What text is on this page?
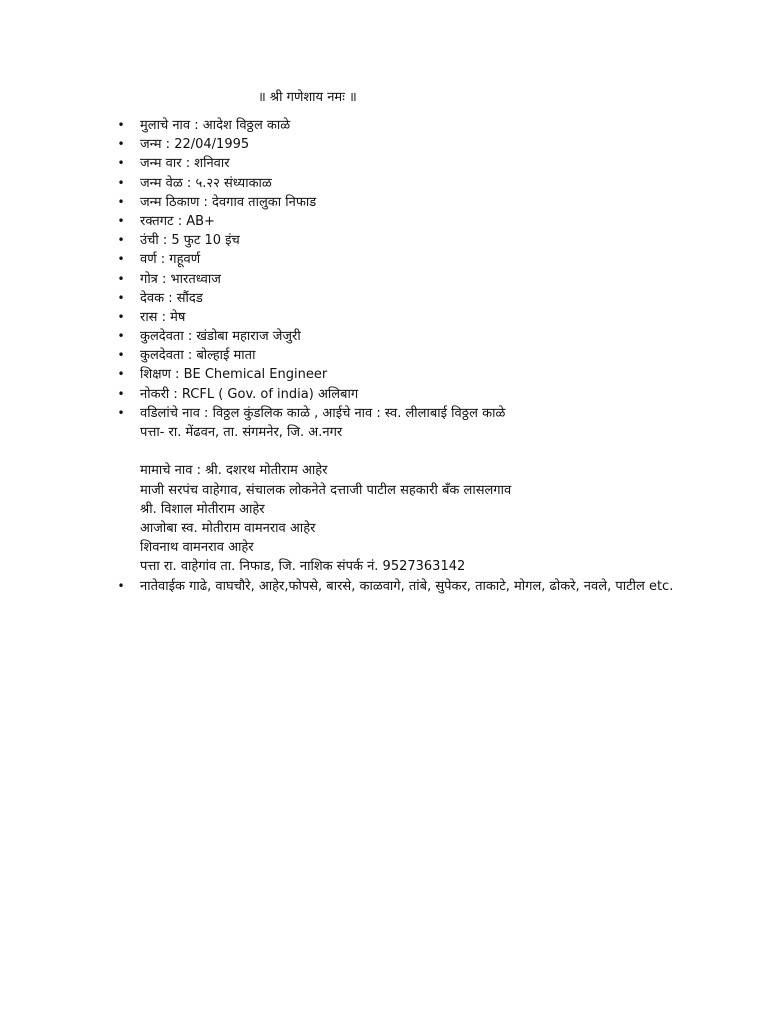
॥ श्री गणेशाय नमः ॥
• मुलाचे नाव : आदेश विठ्ठल काळे
• जन्म : 22/04/1995
• जन्म वार : शनिवार
• जन्म वेळ : ५.२२ संध्याकाळ
• जन्म ठिकाण : देवगाव तालुका निफाड
• रक्तगट : AB+
• उंची : 5 फुट 10 इंच
• वर्ण : गहूवर्ण
• गोत्र : भारतध्वाज
• देवक : सौंदड
• रास : मेष
• कुलदेवता : खंडोबा महाराज जेजुरी
• कुलदेवता : बोल्हाई माता
• शिक्षण : BE Chemical Engineer
• नोकरी : RCFL ( Gov. of india) अलिबाग
• वडिलांचे नाव : विठ्ठल कुंडलिक काळे , आईचे नाव : स्व. लीलाबाई विठ्ठल काळे
पत्ता- रा. मेंढवन, ता. संगमनेर, जि. अ.नगर
मामाचे नाव : श्री. दशरथ मोतीराम आहेर
माजी सरपंच वाहेगाव, संचालक लोकनेते दत्ताजी पाटील सहकारी बँक लासलगाव
श्री. विशाल मोतीराम आहेर
आजोबा स्व. मोतीराम वामनराव आहेर
शिवनाथ वामनराव आहेर
पत्ता रा. वाहेगांव ता. निफाड, जि. नाशिक संपर्क नं. 9527363142
• नातेवाईक गाढे, वाघचौरे, आहेर,फोपसे, बारसे, काळवागे, तांबे, सुपेकर, ताकाटे, मोगल, ढोकरे, नवले, पाटील etc.
